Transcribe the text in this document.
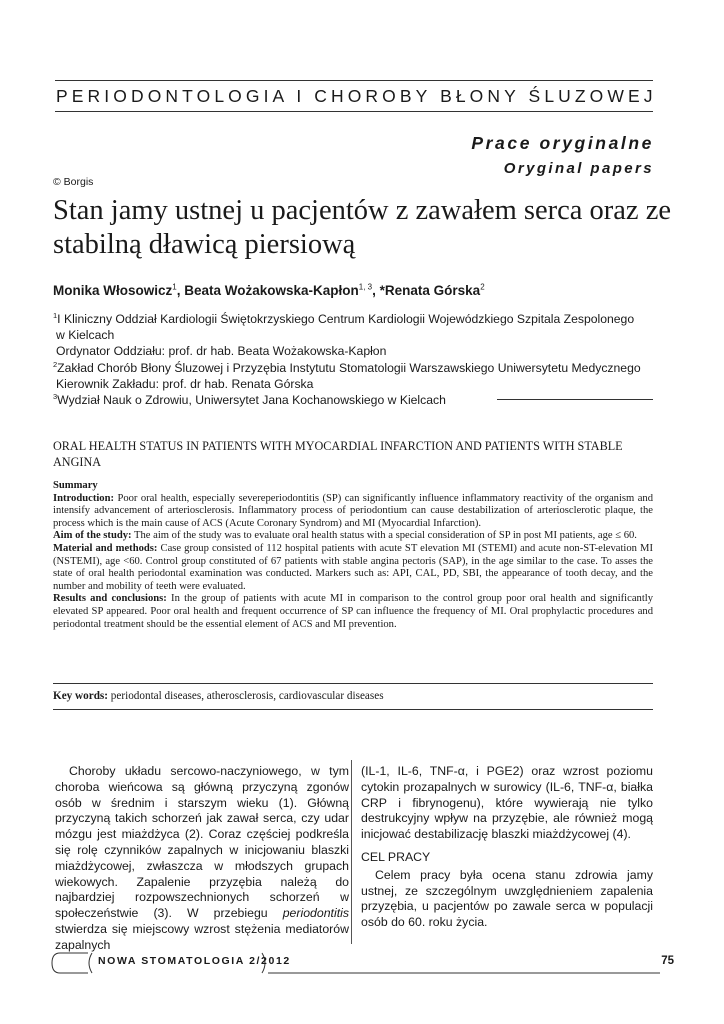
PERIODONTOLOGIA I CHOROBY BŁONY ŚLUZOWEJ
Prace oryginalne
Oryginal papers
© Borgis
Stan jamy ustnej u pacjentów z zawałem serca oraz ze stabilną dławicą piersiową
Monika Włosowicz$^1$, Beata Wożakowska-Kapłon$^{1, 3}$, *Renata Górska$^2$
$^1$I Kliniczny Oddział Kardiologii Świętokrzyskiego Centrum Kardiologii Wojewódzkiego Szpitala Zespolonego
w Kielcach
Ordynator Oddziału: prof. dr hab. Beata Wożakowska-Kapłon
$^2$Zakład Chorób Błony Śluzowej i Przyzębia Instytutu Stomatologii Warszawskiego Uniwersytetu Medycznego
Kierownik Zakładu: prof. dr hab. Renata Górska
$^3$Wydział Nauk o Zdrowiu, Uniwersytet Jana Kochanowskiego w Kielcach
ORAL HEALTH STATUS IN PATIENTS WITH MYOCARDIAL INFARCTION AND PATIENTS WITH STABLE ANGINA

Summary

Introduction: Poor oral health, especially severeperiodontitis (SP) can significantly influence inflammatory reactivity of the organism and intensify advancement of arteriosclerosis. Inflammatory process of periodontium can cause destabilization of arteriosclerotic plaque, the process which is the main cause of ACS (Acute Coronary Syndrom) and MI (Myocardial Infarction).

Aim of the study: The aim of the study was to evaluate oral health status with a special consideration of SP in post MI patients, age ≤ 60.

Material and methods: Case group consisted of 112 hospital patients with acute ST elevation MI (STEMI) and acute non-ST-elevation MI (NSTEMI), age <60. Control group constituted of 67 patients with stable angina pectoris (SAP), in the age similar to the case. To asses the state of oral health periodontal examination was conducted. Markers such as: API, CAL, PD, SBI, the appearance of tooth decay, and the number and mobility of teeth were evaluated.

Results and conclusions: In the group of patients with acute MI in comparison to the control group poor oral health and significantly elevated SP appeared. Poor oral health and frequent occurrence of SP can influence the frequency of MI. Oral prophylactic procedures and periodontal treatment should be the essential element of ACS and MI prevention.

Key words: periodontal diseases, atherosclerosis, cardiovascular diseases

Choroby układu sercowo-naczyniowego, w tym choroba wieńcowa są główną przyczyną zgonów osób w średnim i starszym wieku (1). Główną przyczyną takich schorzeń jak zawał serca, czy udar mózgu jest miażdżyca (2). Coraz częściej podkreśla się rolę czynników zapalnych w inicjowaniu blaszki miażdżycowej, zwłaszcza w młodszych grupach wiekowych. Zapalenie przyzębia należą do najbardziej rozpowszechnionych schorzeń w społeczeństwie (3). W przebiegu periodontitis stwierdza się miejscowy wzrost stężenia mediatorów zapalnych

(IL-1, IL-6, TNF-α, i PGE2) oraz wzrost poziomu cytokin prozapalnych w surowicy (IL-6, TNF-α, białka CRP i fibrynogenu), które wywierają nie tylko destrukcyjny wpływ na przyzębie, ale również mogą inicjować destabilizację blaszki miażdżycowej (4).

CEL PRACY

Celem pracy była ocena stanu zdrowia jamy ustnej, ze szczególnym uwzględnieniem zapalenia przyzębia, u pacjentów po zawale serca w populacji osób do 60. roku życia.

NOWA STOMATOLOGIA 2/2012	75
